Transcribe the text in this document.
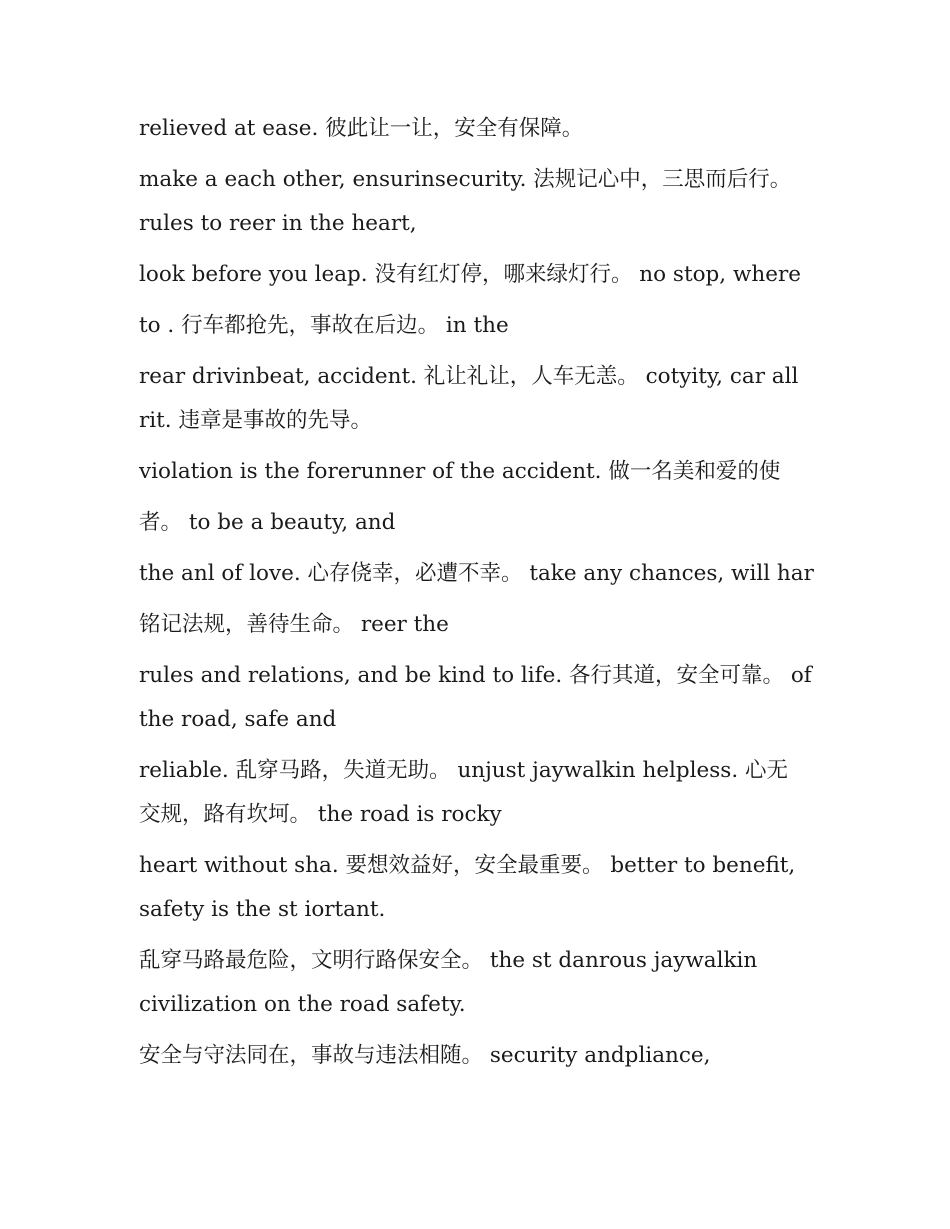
relieved at ease. 彼此让一让，安全有保障。
make a each other, ensurinsecurity. 法规记心中，三思而后行。
rules to reer in the heart,
look before you leap. 没有红灯停，哪来绿灯行。 no stop, where
to . 行车都抢先，事故在后边。 in the
rear drivinbeat, accident. 礼让礼让，人车无恙。 cotyity, car all
rit. 违章是事故的先导。
violation is the forerunner of the accident. 做一名美和爱的使
者。 to be a beauty, and
the anl of love. 心存侥幸，必遭不幸。 take any chances, will har
铭记法规，善待生命。 reer the
rules and relations, and be kind to life. 各行其道，安全可靠。 of
the road, safe and
reliable. 乱穿马路，失道无助。 unjust jaywalkin helpless. 心无
交规，路有坎坷。 the road is rocky
heart without sha. 要想效益好，安全最重要。 better to benefit,
safety is the st iortant.
乱穿马路最危险，文明行路保安全。 the st danrous jaywalkin
civilization on the road safety.
安全与守法同在，事故与违法相随。 security andpliance,
